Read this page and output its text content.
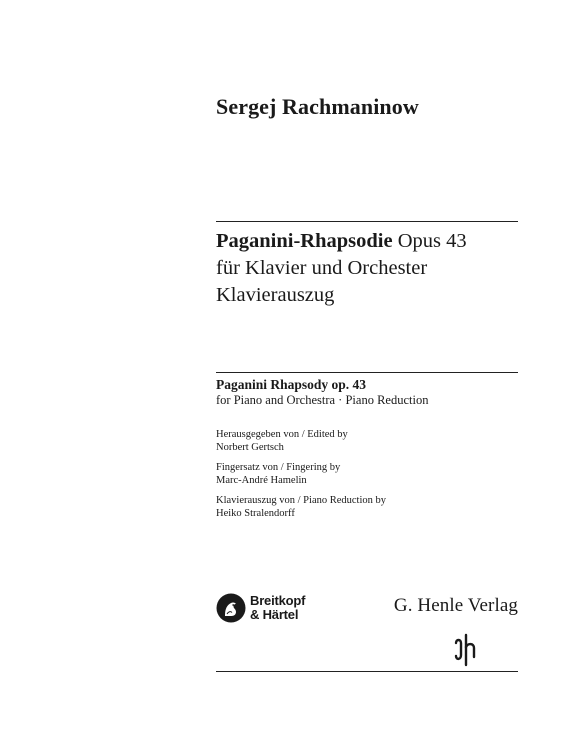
Sergej Rachmaninow
Paganini-Rhapsodie Opus 43
für Klavier und Orchester
Klavierauszug
Paganini Rhapsody op. 43
for Piano and Orchestra · Piano Reduction
Herausgegeben von / Edited by
Norbert Gertsch
Fingersatz von / Fingering by
Marc-André Hamelin
Klavierauszug von / Piano Reduction by
Heiko Stralendorff
Breitkopf
& Härtel	G. Henle Verlag
